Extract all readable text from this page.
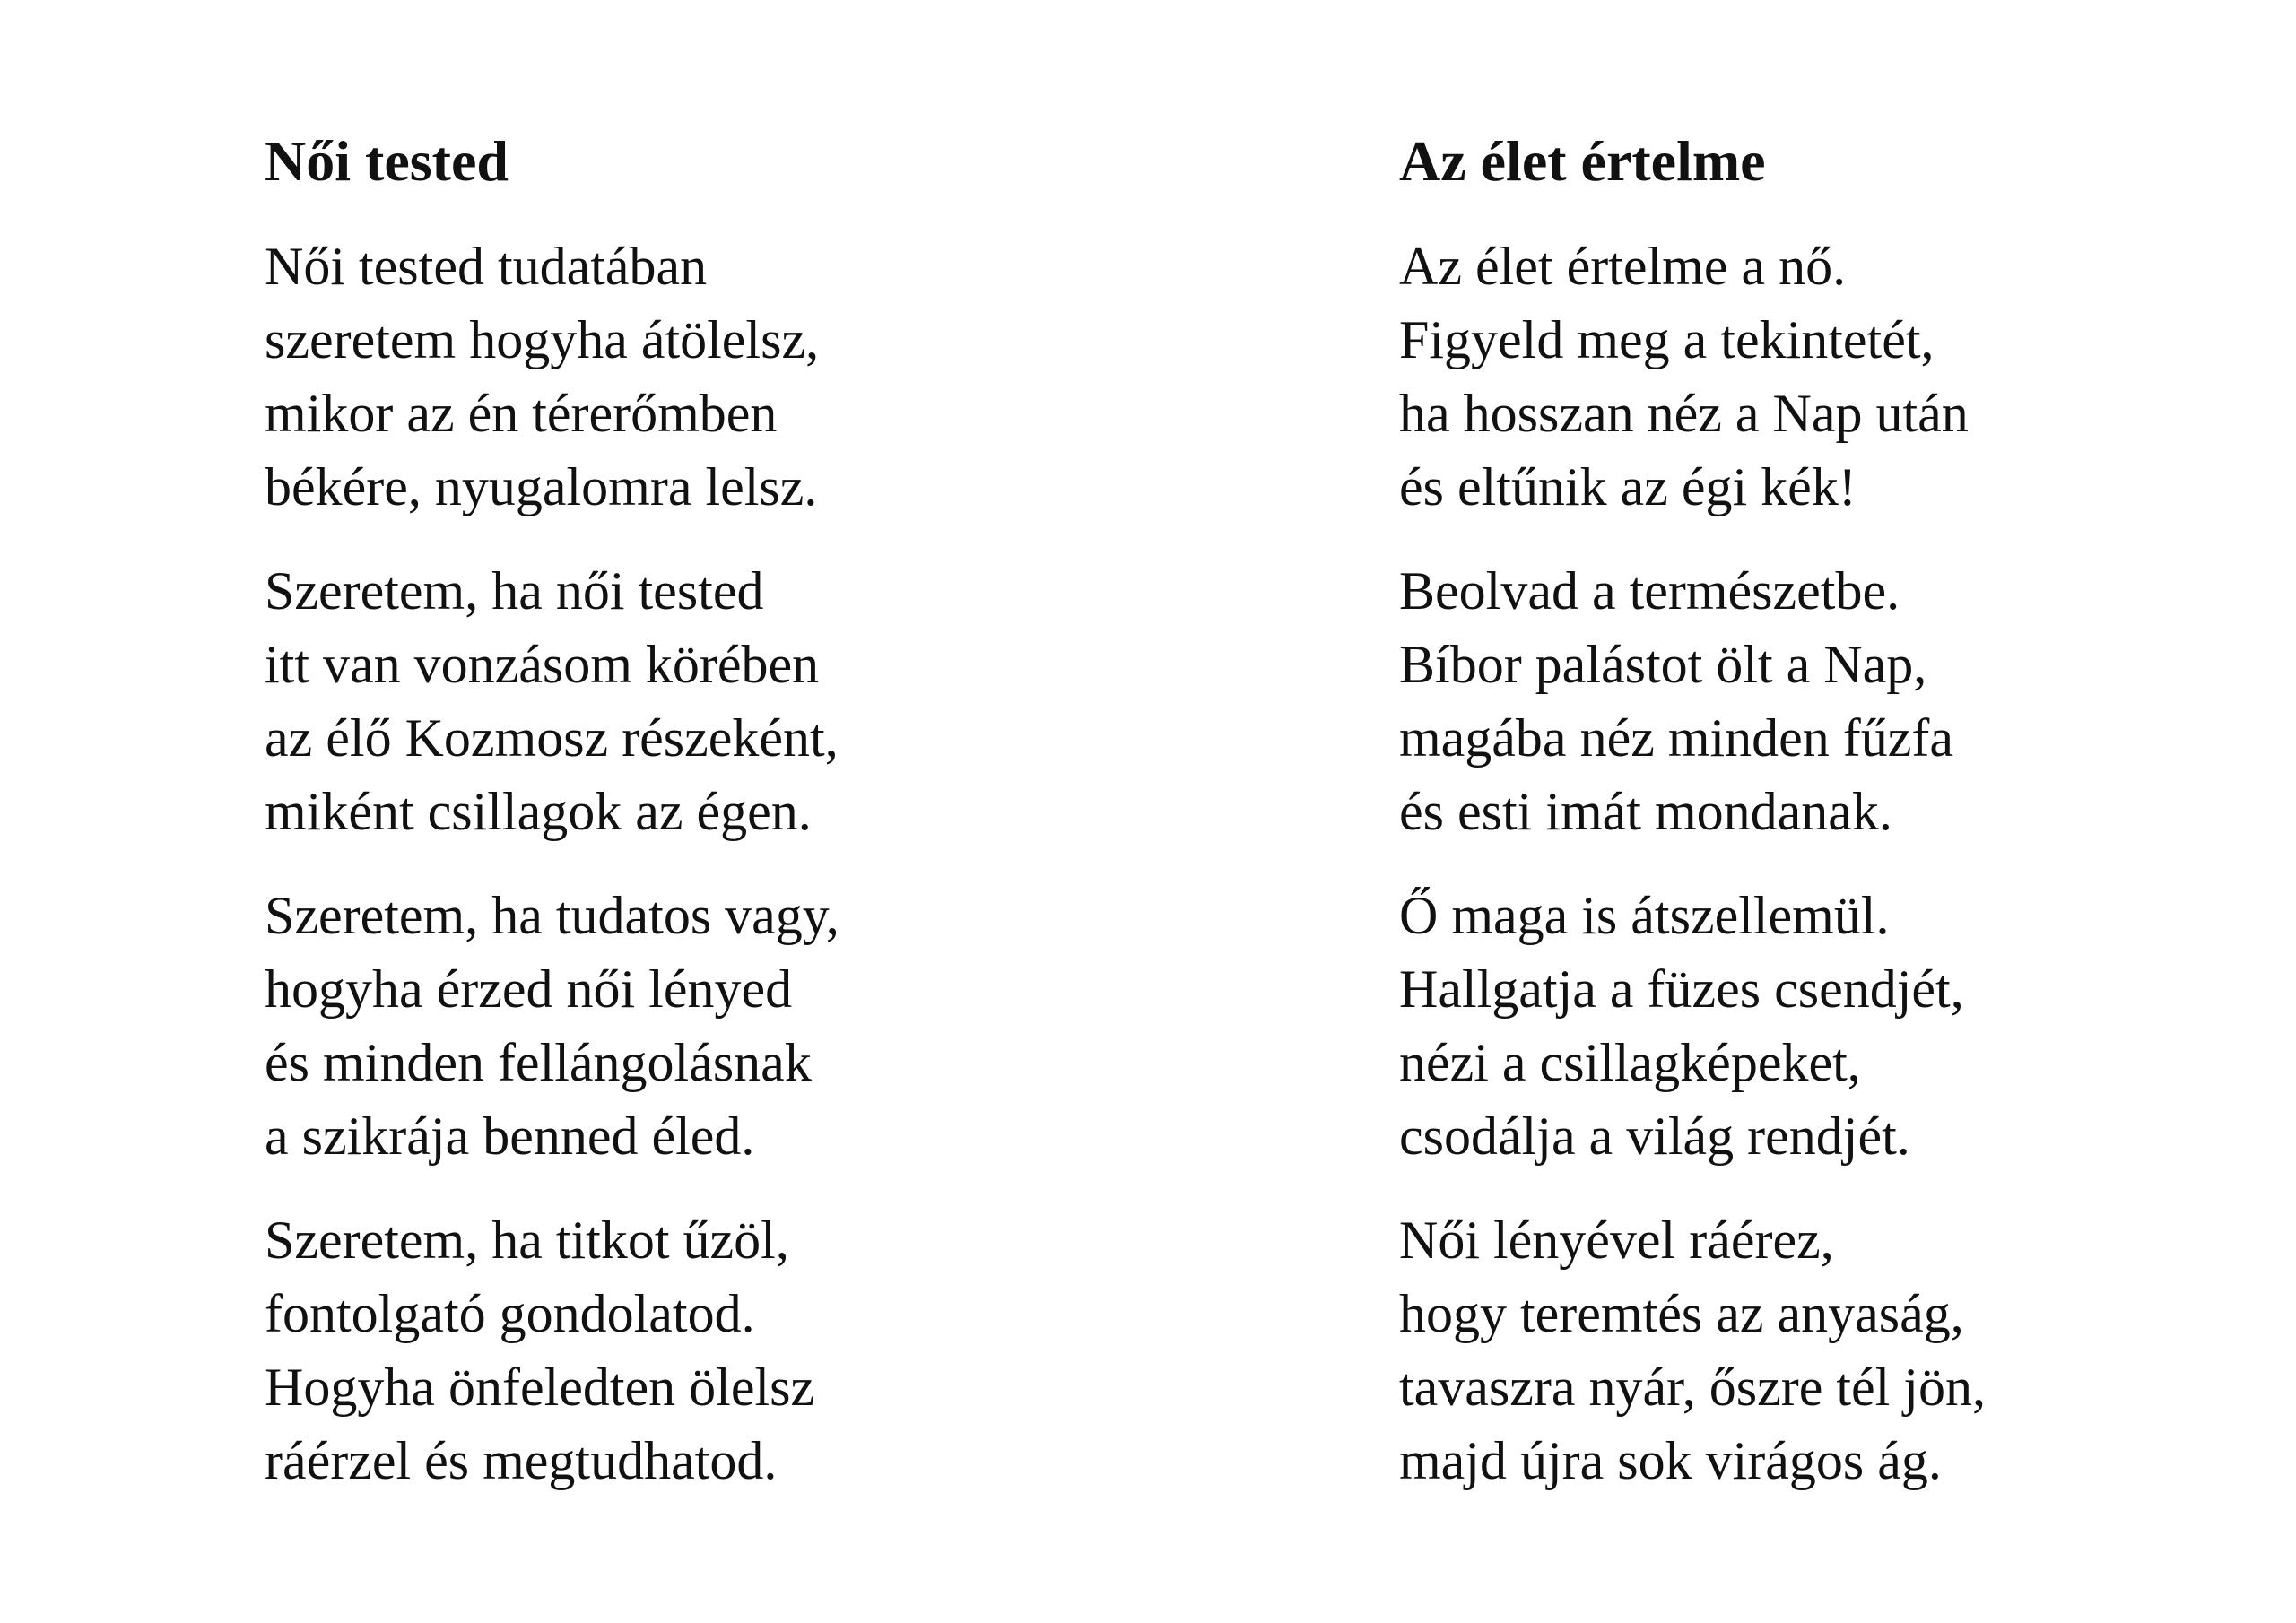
Női tested
Női tested tudatában
szeretem hogyha átölelsz,
mikor az én térerőmben
békére, nyugalomra lelsz.
Szeretem, ha női tested
itt van vonzásom körében
az élő Kozmosz részeként,
miként csillagok az égen.
Szeretem, ha tudatos vagy,
hogyha érzed női lényed
és minden fellángolásnak
a szikrája benned éled.
Szeretem, ha titkot űzöl,
fontolgató gondolatod.
Hogyha önfeledten ölelsz
ráérzel és megtudhatod.
Az élet értelme
Az élet értelme a nő.
Figyeld meg a tekintetét,
ha hosszan néz a Nap után
és eltűnik az égi kék!
Beolvad a természetbe.
Bíbor palástot ölt a Nap,
magába néz minden fűzfa
és esti imát mondanak.
Ő maga is átszellemül.
Hallgatja a füzes csendjét,
nézi a csillagképeket,
csodálja a világ rendjét.
Női lényével ráérez,
hogy teremtés az anyaság,
tavaszra nyár, őszre tél jön,
majd újra sok virágos ág.
